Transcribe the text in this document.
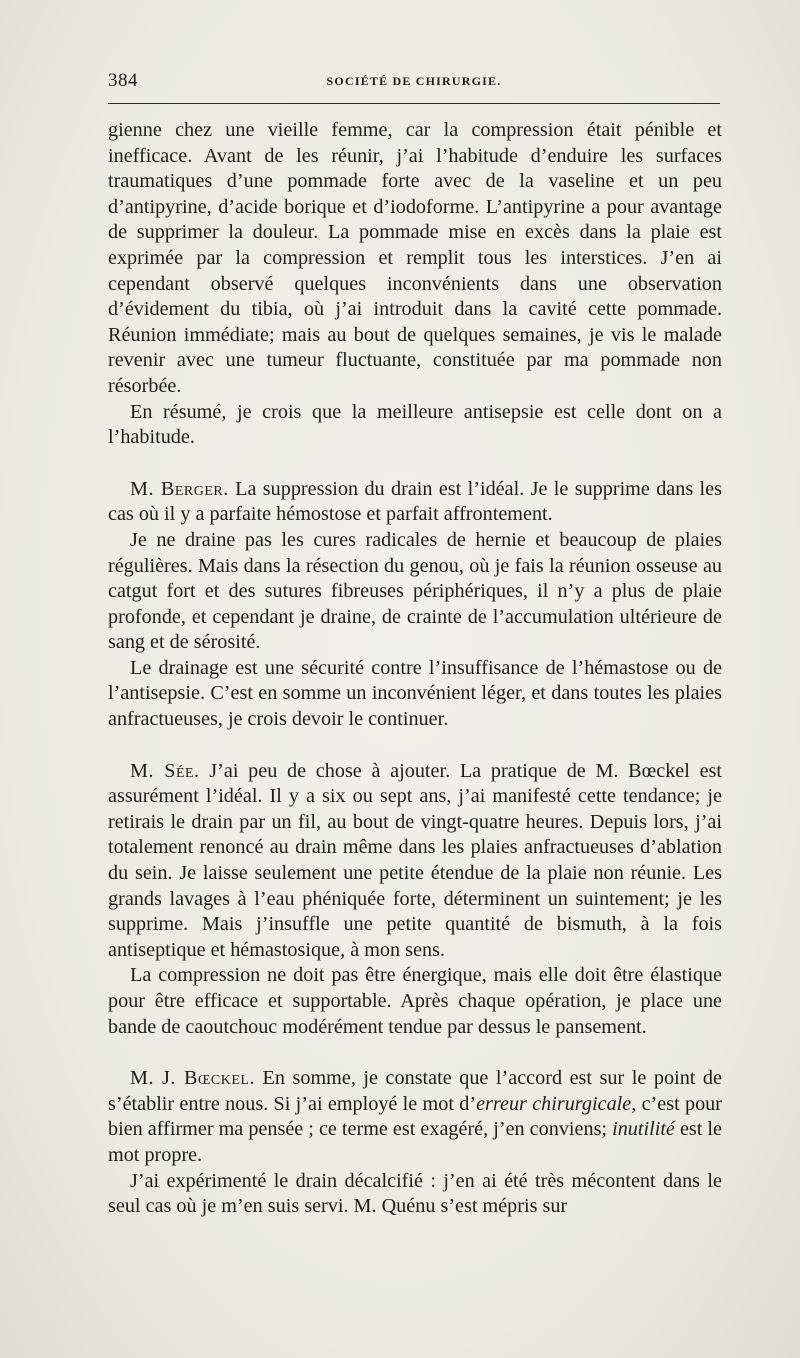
384	SOCIÉTÉ DE CHIRURGIE.

gienne chez une vieille femme, car la compression était pénible et inefficace. Avant de les réunir, j’ai l’habitude d’enduire les surfaces traumatiques d’une pommade forte avec de la vaseline et un peu d’antipyrine, d’acide borique et d’iodoforme. L’antipyrine a pour avantage de supprimer la douleur. La pommade mise en excès dans la plaie est exprimée par la compression et remplit tous les interstices. J’en ai cependant observé quelques inconvénients dans une observation d’évidement du tibia, où j’ai introduit dans la cavité cette pommade. Réunion immédiate; mais au bout de quelques semaines, je vis le malade revenir avec une tumeur fluctuante, constituée par ma pommade non résorbée.

En résumé, je crois que la meilleure antisepsie est celle dont on a l’habitude.

M. Berger. La suppression du drain est l’idéal. Je le supprime dans les cas où il y a parfaite hémostose et parfait affrontement.

Je ne draine pas les cures radicales de hernie et beaucoup de plaies régulières. Mais dans la résection du genou, où je fais la réunion osseuse au catgut fort et des sutures fibreuses périphériques, il n’y a plus de plaie profonde, et cependant je draine, de crainte de l’accumulation ultérieure de sang et de sérosité.

Le drainage est une sécurité contre l’insuffisance de l’hémastose ou de l’antisepsie. C’est en somme un inconvénient léger, et dans toutes les plaies anfractueuses, je crois devoir le continuer.

M. Sée. J’ai peu de chose à ajouter. La pratique de M. Bœckel est assurément l’idéal. Il y a six ou sept ans, j’ai manifesté cette tendance; je retirais le drain par un fil, au bout de vingt-quatre heures. Depuis lors, j’ai totalement renoncé au drain même dans les plaies anfractueuses d’ablation du sein. Je laisse seulement une petite étendue de la plaie non réunie. Les grands lavages à l’eau phéniquée forte, déterminent un suintement; je les supprime. Mais j’insuffle une petite quantité de bismuth, à la fois antiseptique et hémastosique, à mon sens.

La compression ne doit pas être énergique, mais elle doit être élastique pour être efficace et supportable. Après chaque opération, je place une bande de caoutchouc modérément tendue par dessus le pansement.

M. J. Bœckel. En somme, je constate que l’accord est sur le point de s’établir entre nous. Si j’ai employé le mot d’erreur chirurgicale, c’est pour bien affirmer ma pensée ; ce terme est exagéré, j’en conviens; inutilité est le mot propre.

J’ai expérimenté le drain décalcifié : j’en ai été très mécontent dans le seul cas où je m’en suis servi. M. Quénu s’est mépris sur
